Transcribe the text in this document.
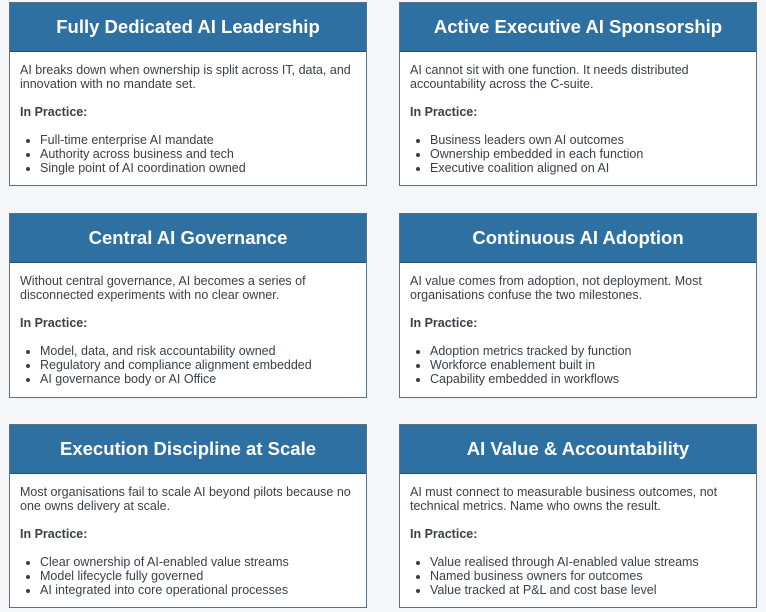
Fully Dedicated AI Leadership

AI breaks down when ownership is split across IT, data, and innovation with no mandate set.

In Practice:

• Full-time enterprise AI mandate
• Authority across business and tech
• Single point of AI coordination owned
Active Executive AI Sponsorship

AI cannot sit with one function. It needs distributed accountability across the C-suite.

In Practice:

• Business leaders own AI outcomes
• Ownership embedded in each function
• Executive coalition aligned on AI
Central AI Governance

Without central governance, AI becomes a series of disconnected experiments with no clear owner.

In Practice:

• Model, data, and risk accountability owned
• Regulatory and compliance alignment embedded
• AI governance body or AI Office
Continuous AI Adoption

AI value comes from adoption, not deployment. Most organisations confuse the two milestones.

In Practice:

• Adoption metrics tracked by function
• Workforce enablement built in
• Capability embedded in workflows
Execution Discipline at Scale

Most organisations fail to scale AI beyond pilots because no one owns delivery at scale.

In Practice:

• Clear ownership of AI-enabled value streams
• Model lifecycle fully governed
• AI integrated into core operational processes
AI Value & Accountability

AI must connect to measurable business outcomes, not technical metrics. Name who owns the result.

In Practice:

• Value realised through AI-enabled value streams
• Named business owners for outcomes
• Value tracked at P&L and cost base level
